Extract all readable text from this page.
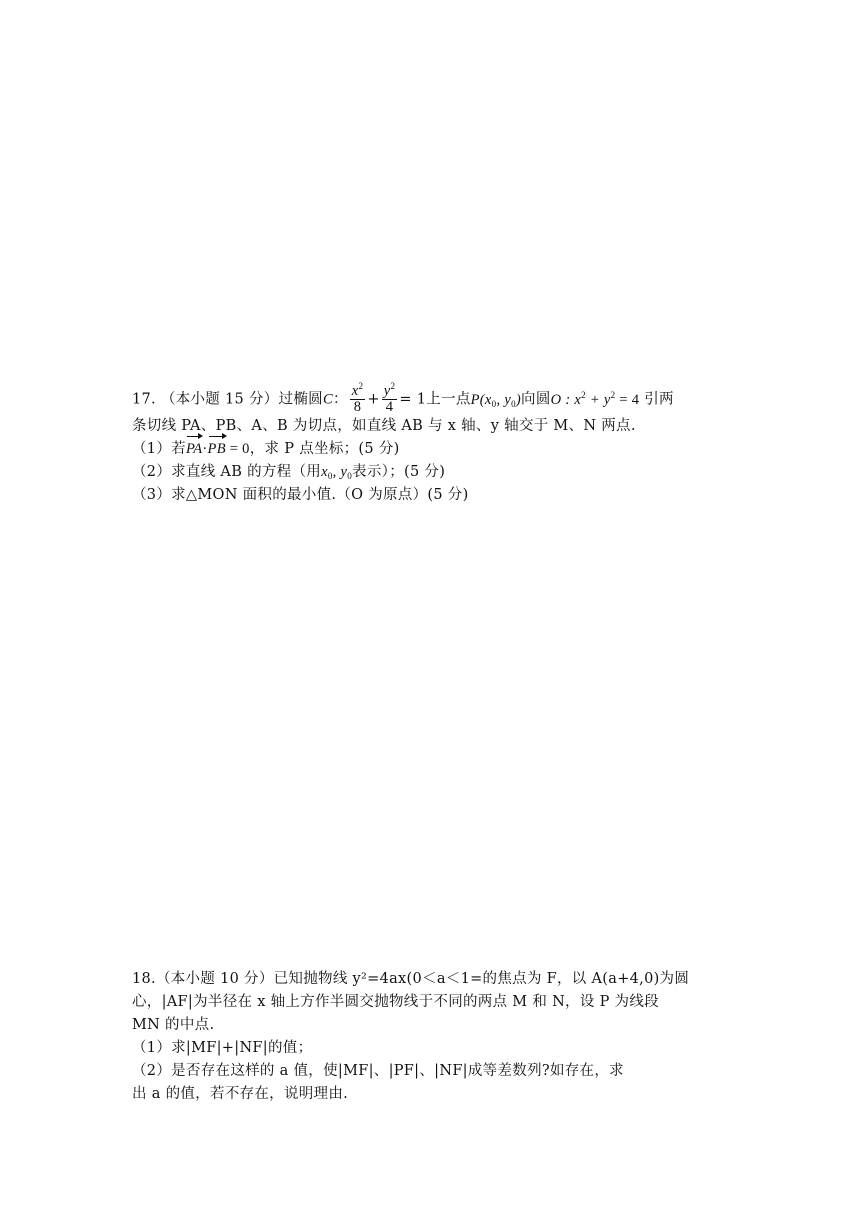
17. （本小题 15 分）过椭圆C： $\frac{x^2}{8} + \frac{y^2}{4} = 1$上一点$P(x_0$, $y_0$)向圆O : $x^2 + y^2 = 4$ 引两
条切线 PA、PB、A、B 为切点，如直线 AB 与 x 轴、y 轴交于 M、N 两点.
（1）若PA·PB = 0，求 P 点坐标；(5 分)
（2）求直线 AB 的方程（用$x_0$, $y_0$表示）；(5 分)
（3）求△MON 面积的最小值.（O 为原点）(5 分)
18.（本小题 10 分）已知抛物线 y²=4ax(0＜a＜1=的焦点为 F，以 A(a+4,0)为圆
心，|AF|为半径在 x 轴上方作半圆交抛物线于不同的两点 M 和 N，设 P 为线段
MN 的中点.
（1）求|MF|+|NF|的值；
（2）是否存在这样的 a 值，使|MF|、|PF|、|NF|成等差数列?如存在，求
出 a 的值，若不存在，说明理由.
